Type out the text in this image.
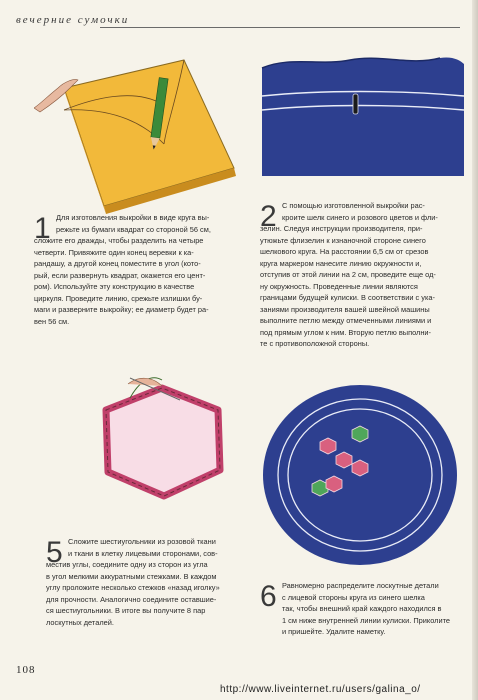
вечерние сумочки
1 Для изготовления выкройки в виде круга вы-
режьте из бумаги квадрат со стороной 56 см,
сложите его дважды, чтобы разделить на четыре
четверти. Привяжите один конец веревки к ка-
рандашу, а другой конец поместите в угол (кото-
рый, если развернуть квадрат, окажется его цент-
ром). Используйте эту конструкцию в качестве
циркуля. Проведите линию, срежьте излишки бу-
маги и разверните выкройку; ее диаметр будет ра-
вен 56 см.
2 С помощью изготовленной выкройки рас-
кроите шелк синего и розового цветов и фли-
зелин. Следуя инструкции производителя, при-
утюжьте флизелин к изнаночной стороне синего
шелкового круга. На расстоянии 6,5 см от срезов
круга маркером нанесите линию окружности и,
отступив от этой линии на 2 см, проведите еще од-
ну окружность. Проведенные линии являются
границами будущей кулиски. В соответствии с ука-
заниями производителя вашей швейной машины
выполните петлю между отмеченными линиями и
под прямым углом к ним. Вторую петлю выполни-
те с противоположной стороны.
5 Сложите шестиугольники из розовой ткани
и ткани в клетку лицевыми сторонами, сов-
местив углы, соедините одну из сторон из угла
в угол мелкими аккуратными стежками. В каждом
углу проложите несколько стежков «назад иголку»
для прочности. Аналогично соедините оставшие-
ся шестиугольники. В итоге вы получите 8 пар
лоскутных деталей.
6 Равномерно распределите лоскутные детали
с лицевой стороны круга из синего шелка
так, чтобы внешний край каждого находился в
1 см ниже внутренней линии кулиски. Приколите
и пришейте. Удалите наметку.
108
http://www.liveinternet.ru/users/galina_o/
